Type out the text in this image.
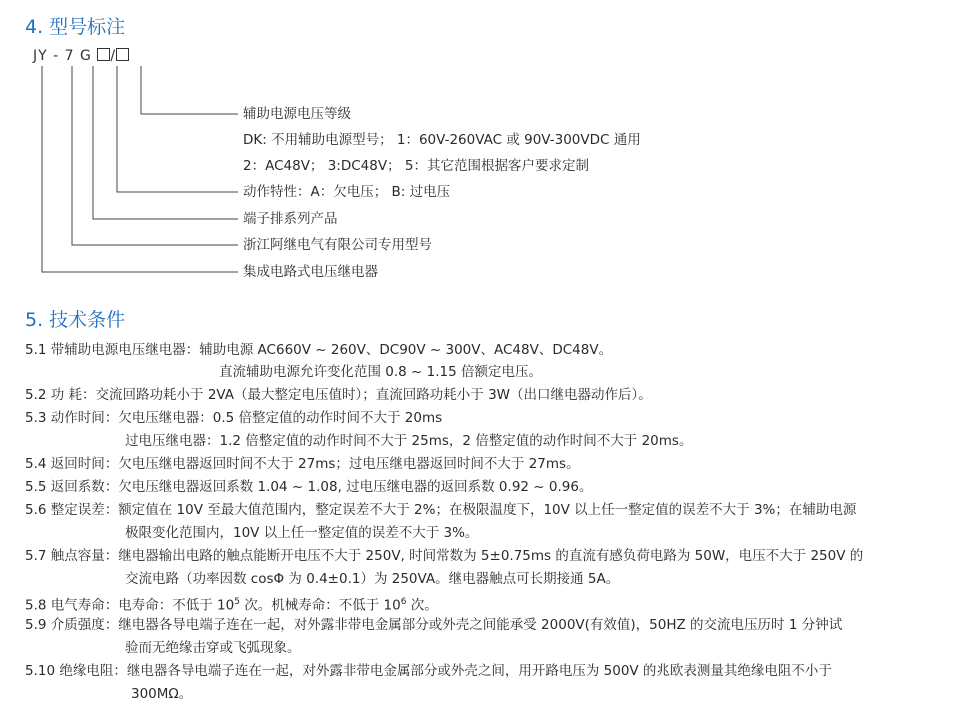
4. 型号标注
JY - 7 G /
辅助电源电压等级
DK: 不用辅助电源型号； 1：60V-260VAC 或 90V-300VDC 通用
2：AC48V； 3:DC48V； 5：其它范围根据客户要求定制
动作特性：A：欠电压； B: 过电压
端子排系列产品
浙江阿继电气有限公司专用型号
集成电路式电压继电器
5. 技术条件
5.1 带辅助电源电压继电器：辅助电源 AC660V ~ 260V、DC90V ~ 300V、AC48V、DC48V。
直流辅助电源允许变化范围 0.8 ~ 1.15 倍额定电压。
5.2 功 耗：交流回路功耗小于 2VA（最大整定电压值时）；直流回路功耗小于 3W（出口继电器动作后）。
5.3 动作时间：欠电压继电器：0.5 倍整定值的动作时间不大于 20ms
过电压继电器：1.2 倍整定值的动作时间不大于 25ms，2 倍整定值的动作时间不大于 20ms。
5.4 返回时间：欠电压继电器返回时间不大于 27ms；过电压继电器返回时间不大于 27ms。
5.5 返回系数：欠电压继电器返回系数 1.04 ~ 1.08, 过电压继电器的返回系数 0.92 ~ 0.96。
5.6 整定误差：额定值在 10V 至最大值范围内，整定误差不大于 2%；在极限温度下，10V 以上任一整定值的误差不大于 3%；在辅助电源
极限变化范围内，10V 以上任一整定值的误差不大于 3%。
5.7 触点容量：继电器输出电路的触点能断开电压不大于 250V, 时间常数为 5±0.75ms 的直流有感负荷电路为 50W，电压不大于 250V 的
交流电路（功率因数 cosΦ 为 0.4±0.1）为 250VA。继电器触点可长期接通 5A。
5.8 电气寿命：电寿命：不低于 $10^5$ 次。机械寿命：不低于 $10^6$ 次。
5.9 介质强度：继电器各导电端子连在一起，对外露非带电金属部分或外壳之间能承受 2000V(有效值)，50HZ 的交流电压历时 1 分钟试
验而无绝缘击穿或飞弧现象。
5.10 绝缘电阻：继电器各导电端子连在一起，对外露非带电金属部分或外壳之间，用开路电压为 500V 的兆欧表测量其绝缘电阻不小于
300MΩ。
